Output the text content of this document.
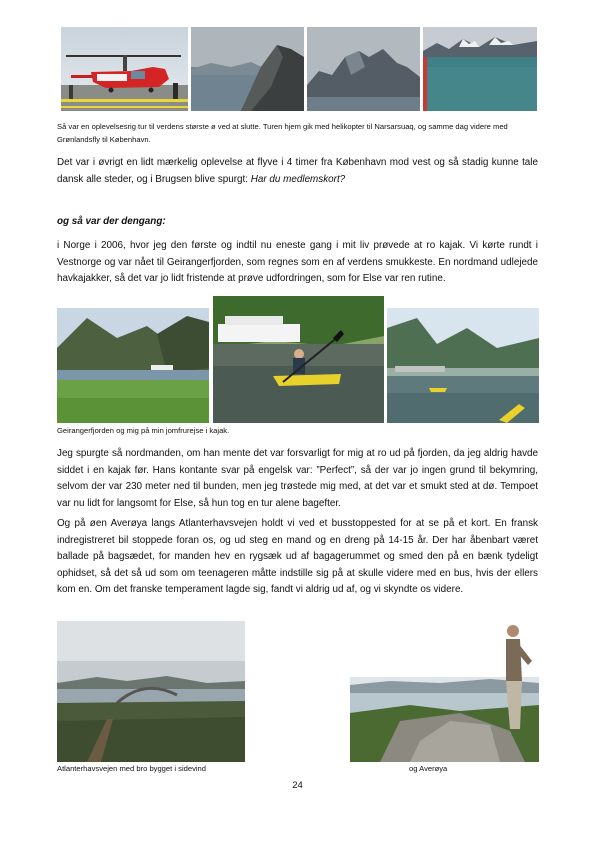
Så var en oplevelsesrig tur til verdens største ø ved at slutte. Turen hjem gik med helikopter til Narsarsuaq, og samme dag videre med Grønlandsfly til København.

Det var i øvrigt en lidt mærkelig oplevelse at flyve i 4 timer fra København mod vest og så stadig kunne tale dansk alle steder, og i Brugsen blive spurgt: Har du medlemskort?

og så var der dengang:

i Norge i 2006, hvor jeg den første og indtil nu eneste gang i mit liv prøvede at ro kajak. Vi kørte rundt i Vestnorge og var nået til Geirangerfjorden, som regnes som en af verdens smukkeste. En nordmand udlejede havkajakker, så det var jo lidt fristende at prøve udfordringen, som for Else var ren rutine.

Geirangerfjorden og mig på min jomfrurejse i kajak.

Jeg spurgte så nordmanden, om han mente det var forsvarligt for mig at ro ud på fjorden, da jeg aldrig havde siddet i en kajak før. Hans kontante svar på engelsk var: ”Perfect”, så der var jo ingen grund til bekymring, selvom der var 230 meter ned til bunden, men jeg trøstede mig med, at det var et smukt sted at dø. Tempoet var nu lidt for langsomt for Else, så hun tog en tur alene bagefter.

Og på øen Averøya langs Atlanterhavsvejen holdt vi ved et busstoppested for at se på et kort. En fransk indregistreret bil stoppede foran os, og ud steg en mand og en dreng på 14-15 år. Der har åbenbart været ballade på bagsædet, for manden hev en rygsæk ud af bagagerummet og smed den på en bænk tydeligt ophidset, så det så ud som om teenageren måtte indstille sig på at skulle videre med en bus, hvis der ellers kom en. Om det franske temperament lagde sig, fandt vi aldrig ud af, og vi skyndte os videre.

Atlanterhavsvejen med bro bygget i sidevind	og Averøya
24
